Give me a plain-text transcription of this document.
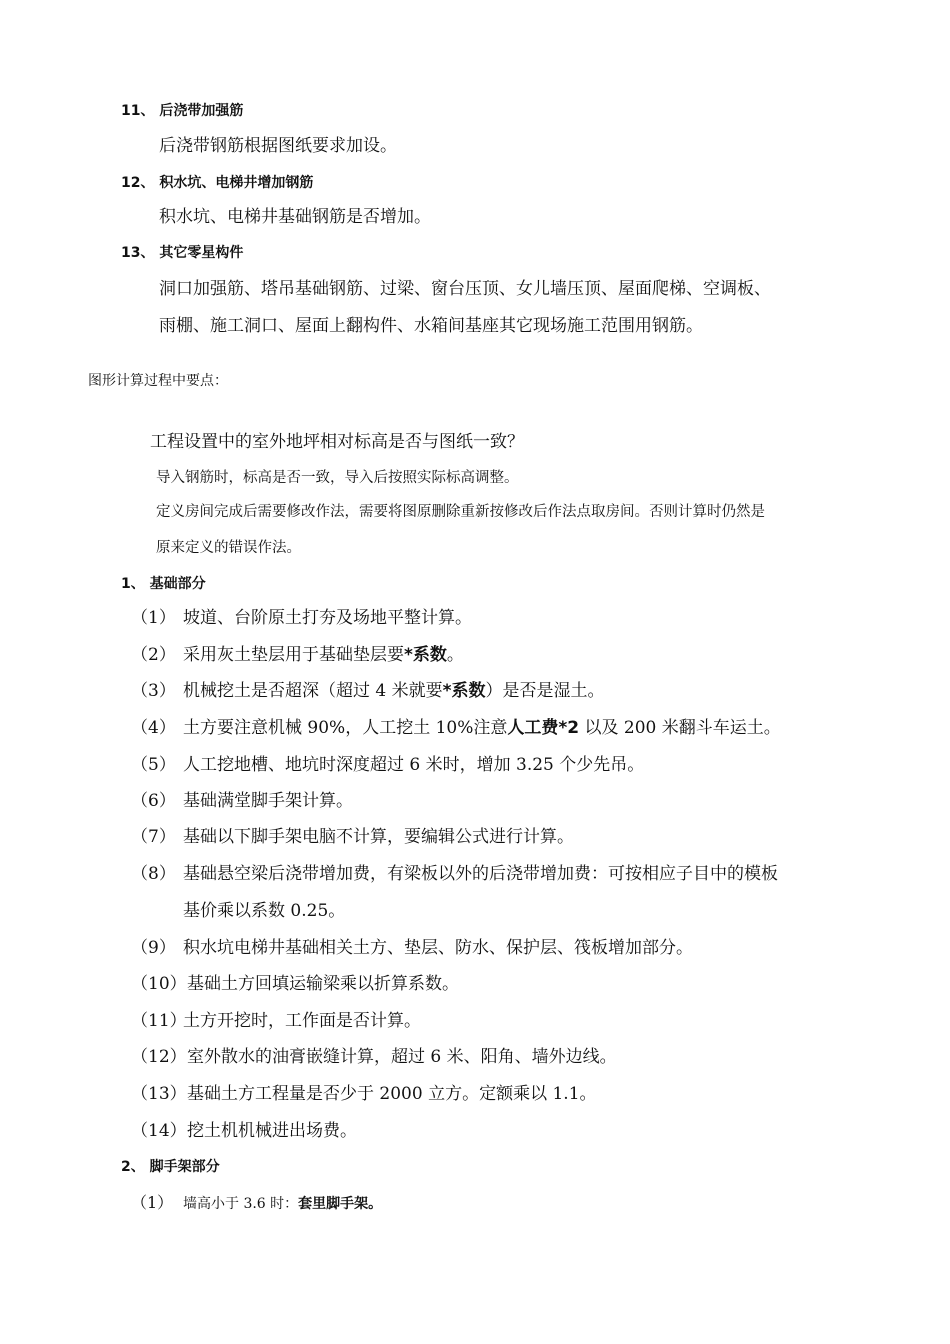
11、 后浇带加强筋
后浇带钢筋根据图纸要求加设。
12、 积水坑、电梯井增加钢筋
积水坑、电梯井基础钢筋是否增加。
13、 其它零星构件
洞口加强筋、塔吊基础钢筋、过梁、窗台压顶、女儿墙压顶、屋面爬梯、空调板、
雨棚、施工洞口、屋面上翻构件、水箱间基座其它现场施工范围用钢筋。
图形计算过程中要点：
工程设置中的室外地坪相对标高是否与图纸一致？
导入钢筋时，标高是否一致，导入后按照实际标高调整。
定义房间完成后需要修改作法，需要将图原删除重新按修改后作法点取房间。否则计算时仍然是
原来定义的错误作法。
1、 基础部分
（1） 坡道、台阶原土打夯及场地平整计算。
（2） 采用灰土垫层用于基础垫层要*系数。
（3） 机械挖土是否超深（超过 4 米就要*系数）是否是湿土。
（4） 土方要注意机械 90%，人工挖土 10%注意人工费*2 以及 200 米翻斗车运土。
（5） 人工挖地槽、地坑时深度超过 6 米时，增加 3.25 个少先吊。
（6） 基础满堂脚手架计算。
（7） 基础以下脚手架电脑不计算，要编辑公式进行计算。
（8） 基础悬空梁后浇带增加费，有梁板以外的后浇带增加费：可按相应子目中的模板
基价乘以系数 0.25。
（9） 积水坑电梯井基础相关土方、垫层、防水、保护层、筏板增加部分。
（10）基础土方回填运输梁乘以折算系数。
（11）土方开挖时，工作面是否计算。
（12）室外散水的油膏嵌缝计算，超过 6 米、阳角、墙外边线。
（13）基础土方工程量是否少于 2000 立方。定额乘以 1.1。
（14）挖土机机械进出场费。
2、 脚手架部分
（1） 墙高小于 3.6 时：套里脚手架。
